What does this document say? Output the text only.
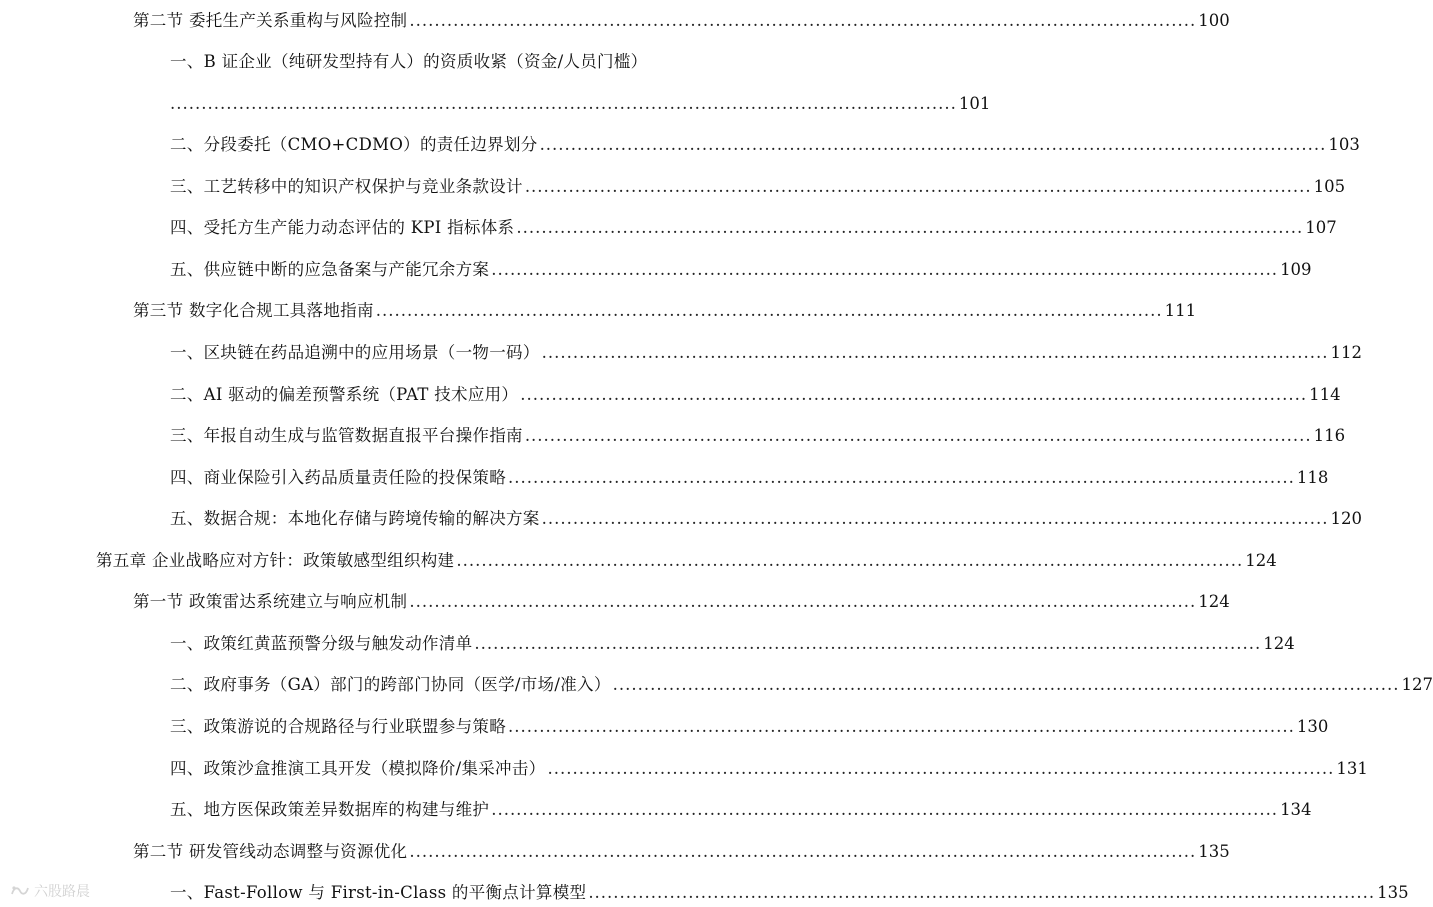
第二节 委托生产关系重构与风险控制 .............................................................................................................................. 100
一、B 证企业（纯研发型持有人）的资质收紧（资金/人员门槛）
.............................................................................................................................. 101
二、分段委托（CMO+CDMO）的责任边界划分 .............................................................................................................................. 103
三、工艺转移中的知识产权保护与竞业条款设计 .............................................................................................................................. 105
四、受托方生产能力动态评估的 KPI 指标体系 .............................................................................................................................. 107
五、供应链中断的应急备案与产能冗余方案 .............................................................................................................................. 109
第三节 数字化合规工具落地指南 .............................................................................................................................. 111
一、区块链在药品追溯中的应用场景（一物一码） .............................................................................................................................. 112
二、AI 驱动的偏差预警系统（PAT 技术应用） .............................................................................................................................. 114
三、年报自动生成与监管数据直报平台操作指南 .............................................................................................................................. 116
四、商业保险引入药品质量责任险的投保策略 .............................................................................................................................. 118
五、数据合规：本地化存储与跨境传输的解决方案 .............................................................................................................................. 120
第五章 企业战略应对方针：政策敏感型组织构建 .............................................................................................................................. 124
第一节 政策雷达系统建立与响应机制 .............................................................................................................................. 124
一、政策红黄蓝预警分级与触发动作清单 .............................................................................................................................. 124
二、政府事务（GA）部门的跨部门协同（医学/市场/准入） .............................................................................................................................. 127
三、政策游说的合规路径与行业联盟参与策略 .............................................................................................................................. 130
四、政策沙盒推演工具开发（模拟降价/集采冲击） .............................................................................................................................. 131
五、地方医保政策差异数据库的构建与维护 .............................................................................................................................. 134
第二节 研发管线动态调整与资源优化 .............................................................................................................................. 135
一、Fast-Follow 与 First-in-Class 的平衡点计算模型 .............................................................................................................................. 135
六股路晨
